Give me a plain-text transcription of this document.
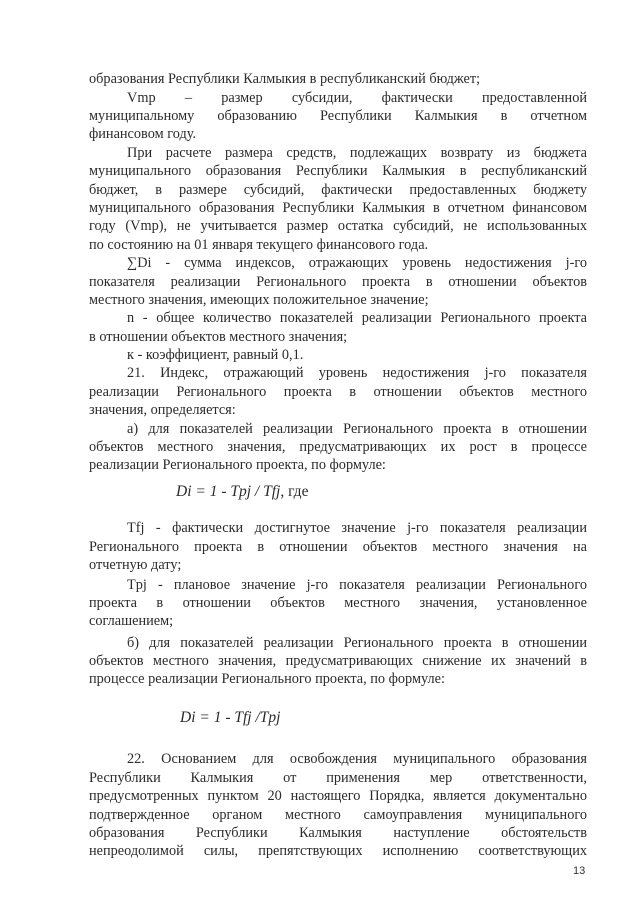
образования Республики Калмыкия в республиканский бюджет;
Vmp – размер субсидии, фактически предоставленной
муниципальному образованию Республики Калмыкия в отчетном
финансовом году.
При расчете размера средств, подлежащих возврату из бюджета
муниципального образования Республики Калмыкия в республиканский
бюджет, в размере субсидий, фактически предоставленных бюджету
муниципального образования Республики Калмыкия в отчетном финансовом
году (Vmp), не учитывается размер остатка субсидий, не использованных
по состоянию на 01 января текущего финансового года.
∑Di - сумма индексов, отражающих уровень недостижения j-го
показателя реализации Регионального проекта в отношении объектов
местного значения, имеющих положительное значение;
n - общее количество показателей реализации Регионального проекта
в отношении объектов местного значения;
к - коэффициент, равный 0,1.
21. Индекс, отражающий уровень недостижения j-го показателя
реализации Регионального проекта в отношении объектов местного
значения, определяется:
а) для показателей реализации Регионального проекта в отношении
объектов местного значения, предусматривающих их рост в процессе
реализации Регионального проекта, по формуле:
Di = 1 - Tpj / Tfj, где
Tfj - фактически достигнутое значение j-го показателя реализации
Регионального проекта в отношении объектов местного значения на
отчетную дату;
Tpj - плановое значение j-го показателя реализации Регионального
проекта в отношении объектов местного значения, установленное
соглашением;
б) для показателей реализации Регионального проекта в отношении
объектов местного значения, предусматривающих снижение их значений в
процессе реализации Регионального проекта, по формуле:
Di = 1 - Tfj /Tpj
22. Основанием для освобождения муниципального образования
Республики Калмыкия от применения мер ответственности,
предусмотренных пунктом 20 настоящего Порядка, является документально
подтвержденное органом местного самоуправления муниципального
образования Республики Калмыкия наступление обстоятельств
непреодолимой силы, препятствующих исполнению соответствующих
13
